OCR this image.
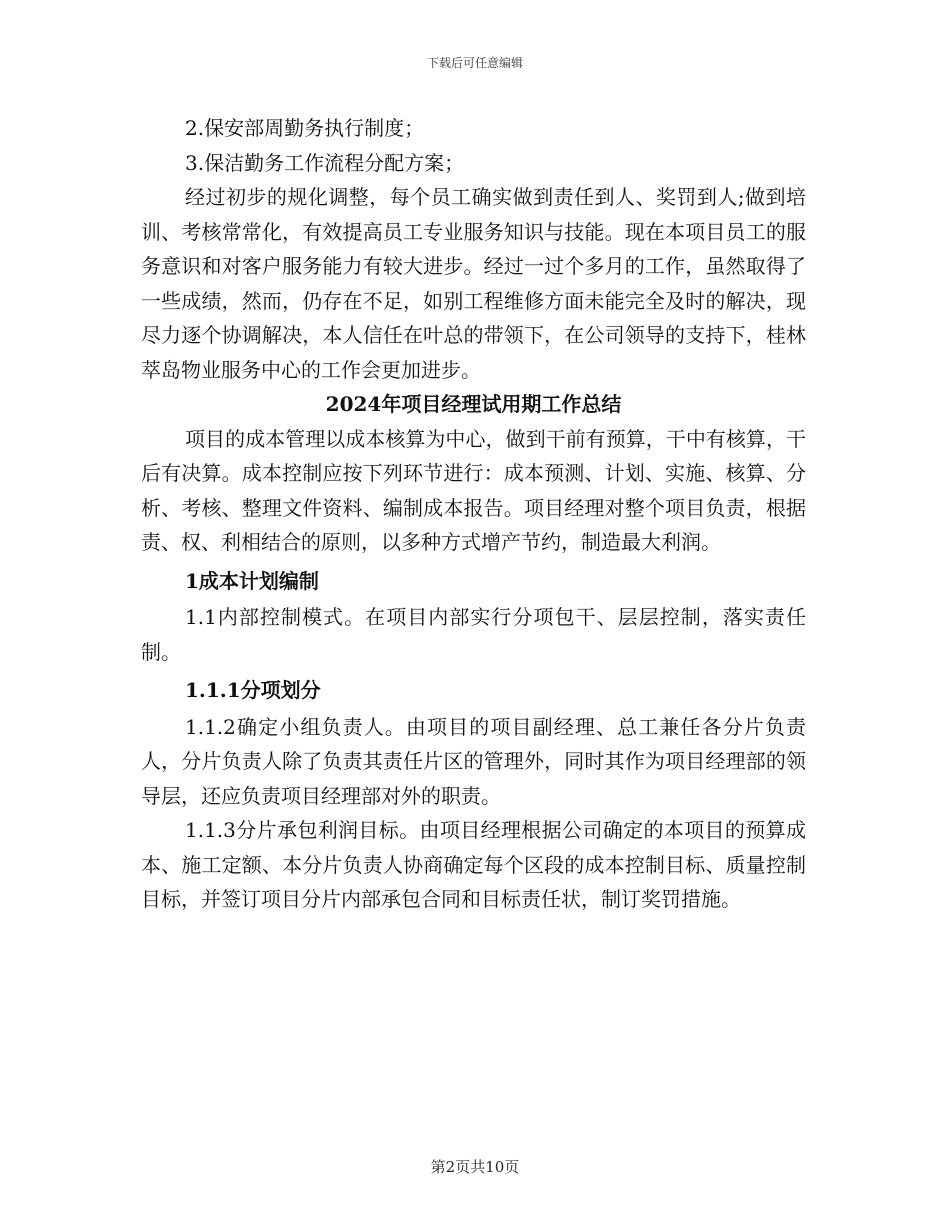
下载后可任意编辑

2.保安部周勤务执行制度；

3.保洁勤务工作流程分配方案；

经过初步的规化调整，每个员工确实做到责任到人、奖罚到人;做到培训、考核常常化，有效提高员工专业服务知识与技能。现在本项目员工的服务意识和对客户服务能力有较大进步。经过一过个多月的工作，虽然取得了一些成绩，然而，仍存在不足，如别工程维修方面未能完全及时的解决，现尽力逐个协调解决，本人信任在叶总的带领下，在公司领导的支持下，桂林萃岛物业服务中心的工作会更加进步。

2024年项目经理试用期工作总结

项目的成本管理以成本核算为中心，做到干前有预算，干中有核算，干后有决算。成本控制应按下列环节进行：成本预测、计划、实施、核算、分析、考核、整理文件资料、编制成本报告。项目经理对整个项目负责，根据责、权、利相结合的原则，以多种方式增产节约，制造最大利润。

1成本计划编制

1.1内部控制模式。在项目内部实行分项包干、层层控制，落实责任制。

1.1.1分项划分

1.1.2确定小组负责人。由项目的项目副经理、总工兼任各分片负责人，分片负责人除了负责其责任片区的管理外，同时其作为项目经理部的领导层，还应负责项目经理部对外的职责。

1.1.3分片承包利润目标。由项目经理根据公司确定的本项目的预算成本、施工定额、本分片负责人协商确定每个区段的成本控制目标、质量控制目标，并签订项目分片内部承包合同和目标责任状，制订奖罚措施。

第2页共10页
